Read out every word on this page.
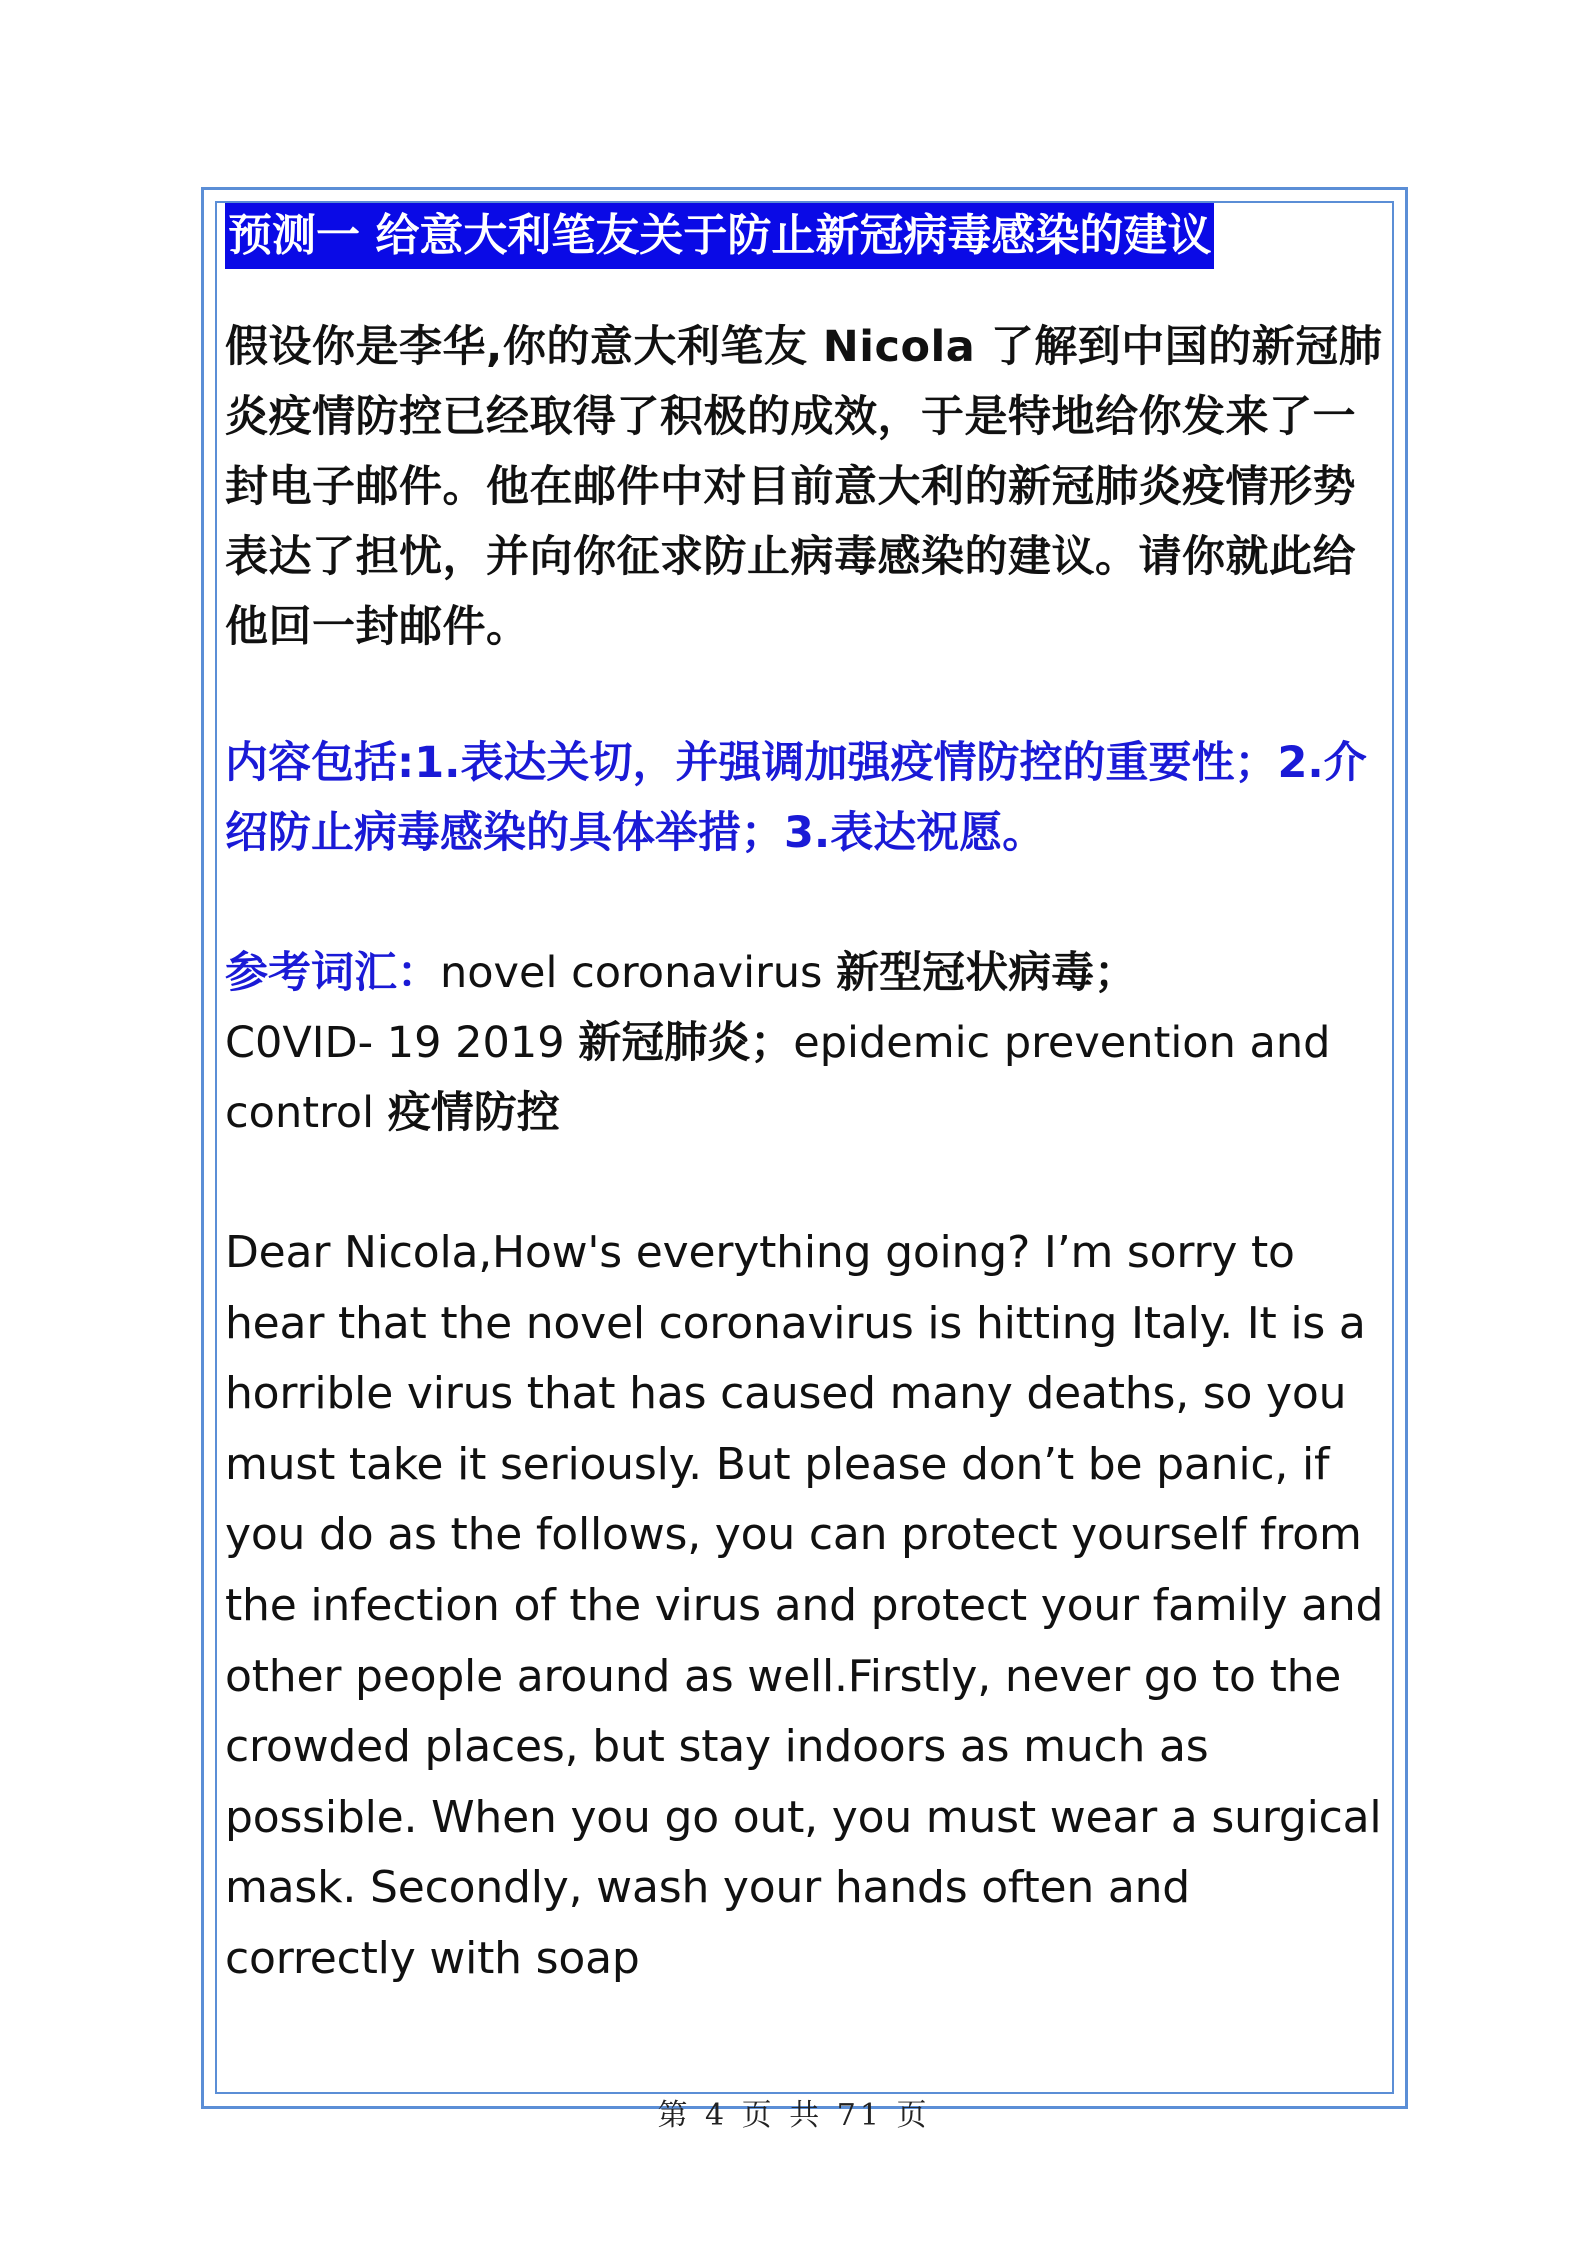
预测一 给意大利笔友关于防止新冠病毒感染的建议
假设你是李华,你的意大利笔友 Nicola 了解到中国的新冠肺炎疫情防控已经取得了积极的成效，于是特地给你发来了一封电子邮件。他在邮件中对目前意大利的新冠肺炎疫情形势表达了担忧，并向你征求防止病毒感染的建议。请你就此给他回一封邮件。
内容包括:1.表达关切，并强调加强疫情防控的重要性；2.介绍防止病毒感染的具体举措；3.表达祝愿。
参考词汇：novel coronavirus 新型冠状病毒；
C0VID- 19 2019 新冠肺炎；epidemic prevention and control 疫情防控
Dear Nicola,How's everything going? I’m sorry to hear that the novel coronavirus is hitting Italy. It is a horrible virus that has caused many deaths, so you must take it seriously. But please don’t be panic, if you do as the follows, you can protect yourself from the infection of the virus and protect your family and other people around as well.Firstly, never go to the crowded places, but stay indoors as much as possible. When you go out, you must wear a surgical mask. Secondly, wash your hands often and correctly with soap
第 4 页 共 71 页
